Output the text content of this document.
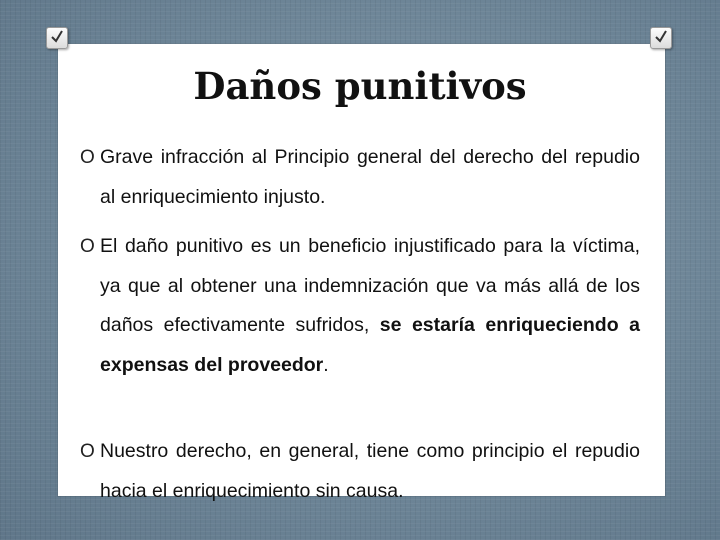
Daños punitivos
O Grave infracción al Principio general del derecho del repudio al enriquecimiento injusto.
O El daño punitivo es un beneficio injustificado para la víctima, ya que al obtener una indemnización que va más allá de los daños efectivamente sufridos, se estaría enriqueciendo a expensas del proveedor.
O Nuestro derecho, en general, tiene como principio el repudio hacia el enriquecimiento sin causa.
